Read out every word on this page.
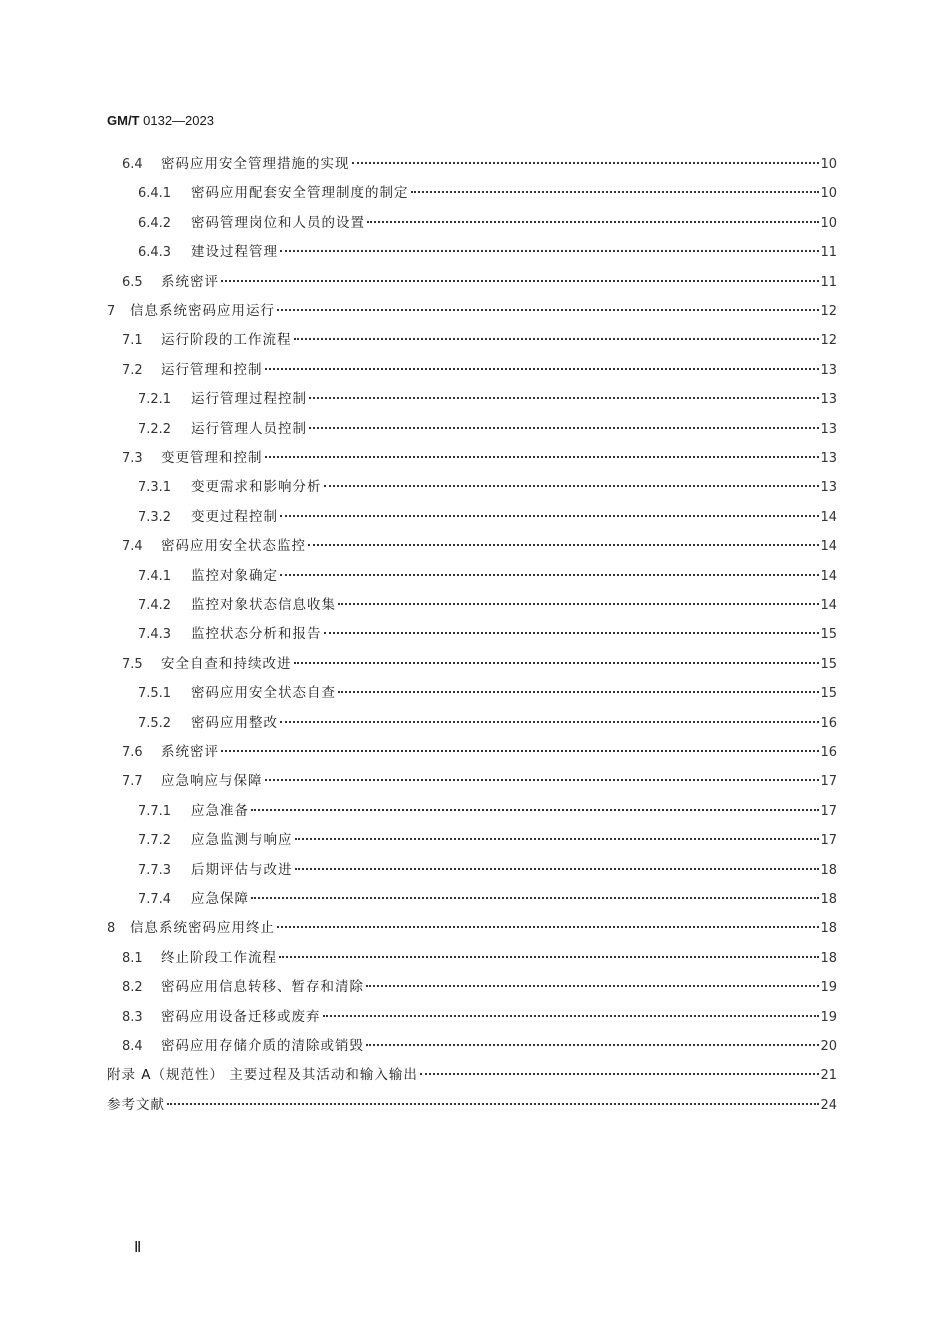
GM/T 0132—2023
6.4	密码应用安全管理措施的实现	10
6.4.1	密码应用配套安全管理制度的制定	10
6.4.2	密码管理岗位和人员的设置	10
6.4.3	建设过程管理	11
6.5	系统密评	11
7	信息系统密码应用运行	12
7.1	运行阶段的工作流程	12
7.2	运行管理和控制	13
7.2.1	运行管理过程控制	13
7.2.2	运行管理人员控制	13
7.3	变更管理和控制	13
7.3.1	变更需求和影响分析	13
7.3.2	变更过程控制	14
7.4	密码应用安全状态监控	14
7.4.1	监控对象确定	14
7.4.2	监控对象状态信息收集	14
7.4.3	监控状态分析和报告	15
7.5	安全自查和持续改进	15
7.5.1	密码应用安全状态自查	15
7.5.2	密码应用整改	16
7.6	系统密评	16
7.7	应急响应与保障	17
7.7.1	应急准备	17
7.7.2	应急监测与响应	17
7.7.3	后期评估与改进	18
7.7.4	应急保障	18
8	信息系统密码应用终止	18
8.1	终止阶段工作流程	18
8.2	密码应用信息转移、暂存和清除	19
8.3	密码应用设备迁移或废弃	19
8.4	密码应用存储介质的清除或销毁	20
附录 A（规范性） 主要过程及其活动和输入输出	21
参考文献	24
Ⅱ
